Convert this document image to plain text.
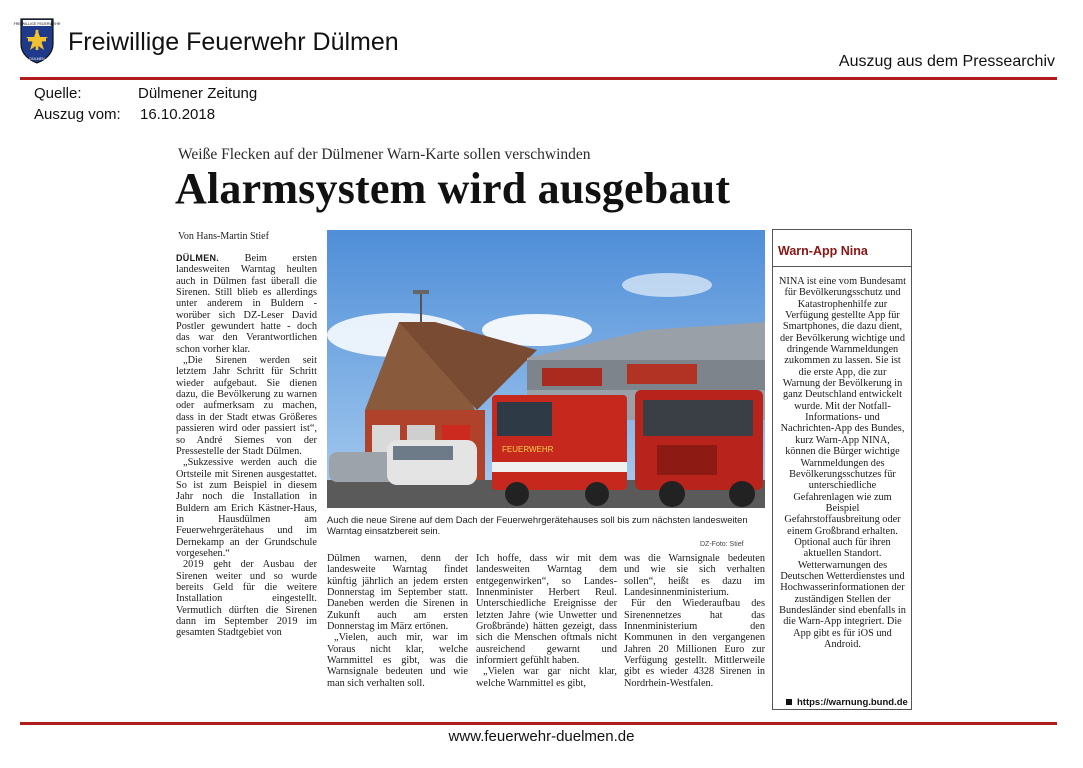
FREIWILLIGE FEUERWEHR
DÜLMEN
Freiwillige Feuerwehr Dülmen
Auszug aus dem Pressearchiv
Quelle:	Dülmener Zeitung
Auszug vom: 16.10.2018
Weiße Flecken auf der Dülmener Warn-Karte sollen verschwinden
Alarmsystem wird ausgebaut
Von Hans-Martin Stief

DÜLMEN. Beim ersten landesweiten Warntag heulten auch in Dülmen fast überall die Sirenen. Still blieb es allerdings unter anderem in Buldern - worüber sich DZ-Leser David Postler gewundert hatte - doch das war den Verantwortlichen schon vorher klar.

„Die Sirenen werden seit letztem Jahr Schritt für Schritt wieder aufgebaut. Sie dienen dazu, die Bevölkerung zu warnen oder aufmerksam zu machen, dass in der Stadt etwas Größeres passieren wird oder passiert ist“, so André Siemes von der Pressestelle der Stadt Dülmen.

„Sukzessive werden auch die Ortsteile mit Sirenen ausgestattet. So ist zum Beispiel in diesem Jahr noch die Installation in Buldern am Erich Kästner-Haus, in Hausdülmen am Feuerwehrgerätehaus und im Dernekamp an der Grundschule vorgesehen.“

2019 geht der Ausbau der Sirenen weiter und so wurde bereits Geld für die weitere Installation eingestellt. Vermutlich dürften die Sirenen dann im September 2019 im gesamten Stadtgebiet von

FEUERWEHR
Auch die neue Sirene auf dem Dach der Feuerwehrgerätehauses soll bis zum nächsten landesweiten Warntag einsatzbereit sein.
DZ-Foto: Stief

Dülmen warnen, denn der landesweite Warntag findet künftig jährlich an jedem ersten Donnerstag im September statt. Daneben werden die Sirenen in Zukunft auch am ersten Donnerstag im März ertönen.

„Vielen, auch mir, war im Voraus nicht klar, welche Warnmittel es gibt, was die Warnsignale bedeuten und wie man sich verhalten soll.

Ich hoffe, dass wir mit dem landesweiten Warntag dem entgegenwirken“, so Landes-Innenminister Herbert Reul. Unterschiedliche Ereignisse der letzten Jahre (wie Unwetter und Großbrände) hätten gezeigt, dass sich die Menschen oftmals nicht ausreichend gewarnt und informiert gefühlt haben.

„Vielen war gar nicht klar, welche Warnmittel es gibt,

was die Warnsignale bedeuten und wie sie sich verhalten sollen“, heißt es dazu im Landesinnenministerium.

Für den Wiederaufbau des Sirenennetzes hat das Innenministerium den Kommunen in den vergangenen Jahren 20 Millionen Euro zur Verfügung gestellt. Mittlerweile gibt es wieder 4328 Sirenen in Nordrhein-Westfalen.

Warn-App Nina
NINA ist eine vom Bundesamt für Bevölkerungsschutz und Katastrophenhilfe zur Verfügung gestellte App für Smartphones, die dazu dient, der Bevölkerung wichtige und dringende Warnmeldungen zukommen zu lassen. Sie ist die erste App, die zur Warnung der Bevölkerung in ganz Deutschland entwickelt wurde. Mit der Notfall-Informations- und Nachrichten-App des Bundes, kurz Warn-App NINA, können die Bürger wichtige Warnmeldungen des Bevölkerungsschutzes für unterschiedliche Gefahrenlagen wie zum Beispiel Gefahrstoffausbreitung oder einem Großbrand erhalten. Optional auch für ihren aktuellen Standort. Wetterwarnungen des Deutschen Wetterdienstes und Hochwasserinformationen der zuständigen Stellen der Bundesländer sind ebenfalls in die Warn-App integriert. Die App gibt es für iOS und Android.
https://warnung.bund.de
www.feuerwehr-duelmen.de
